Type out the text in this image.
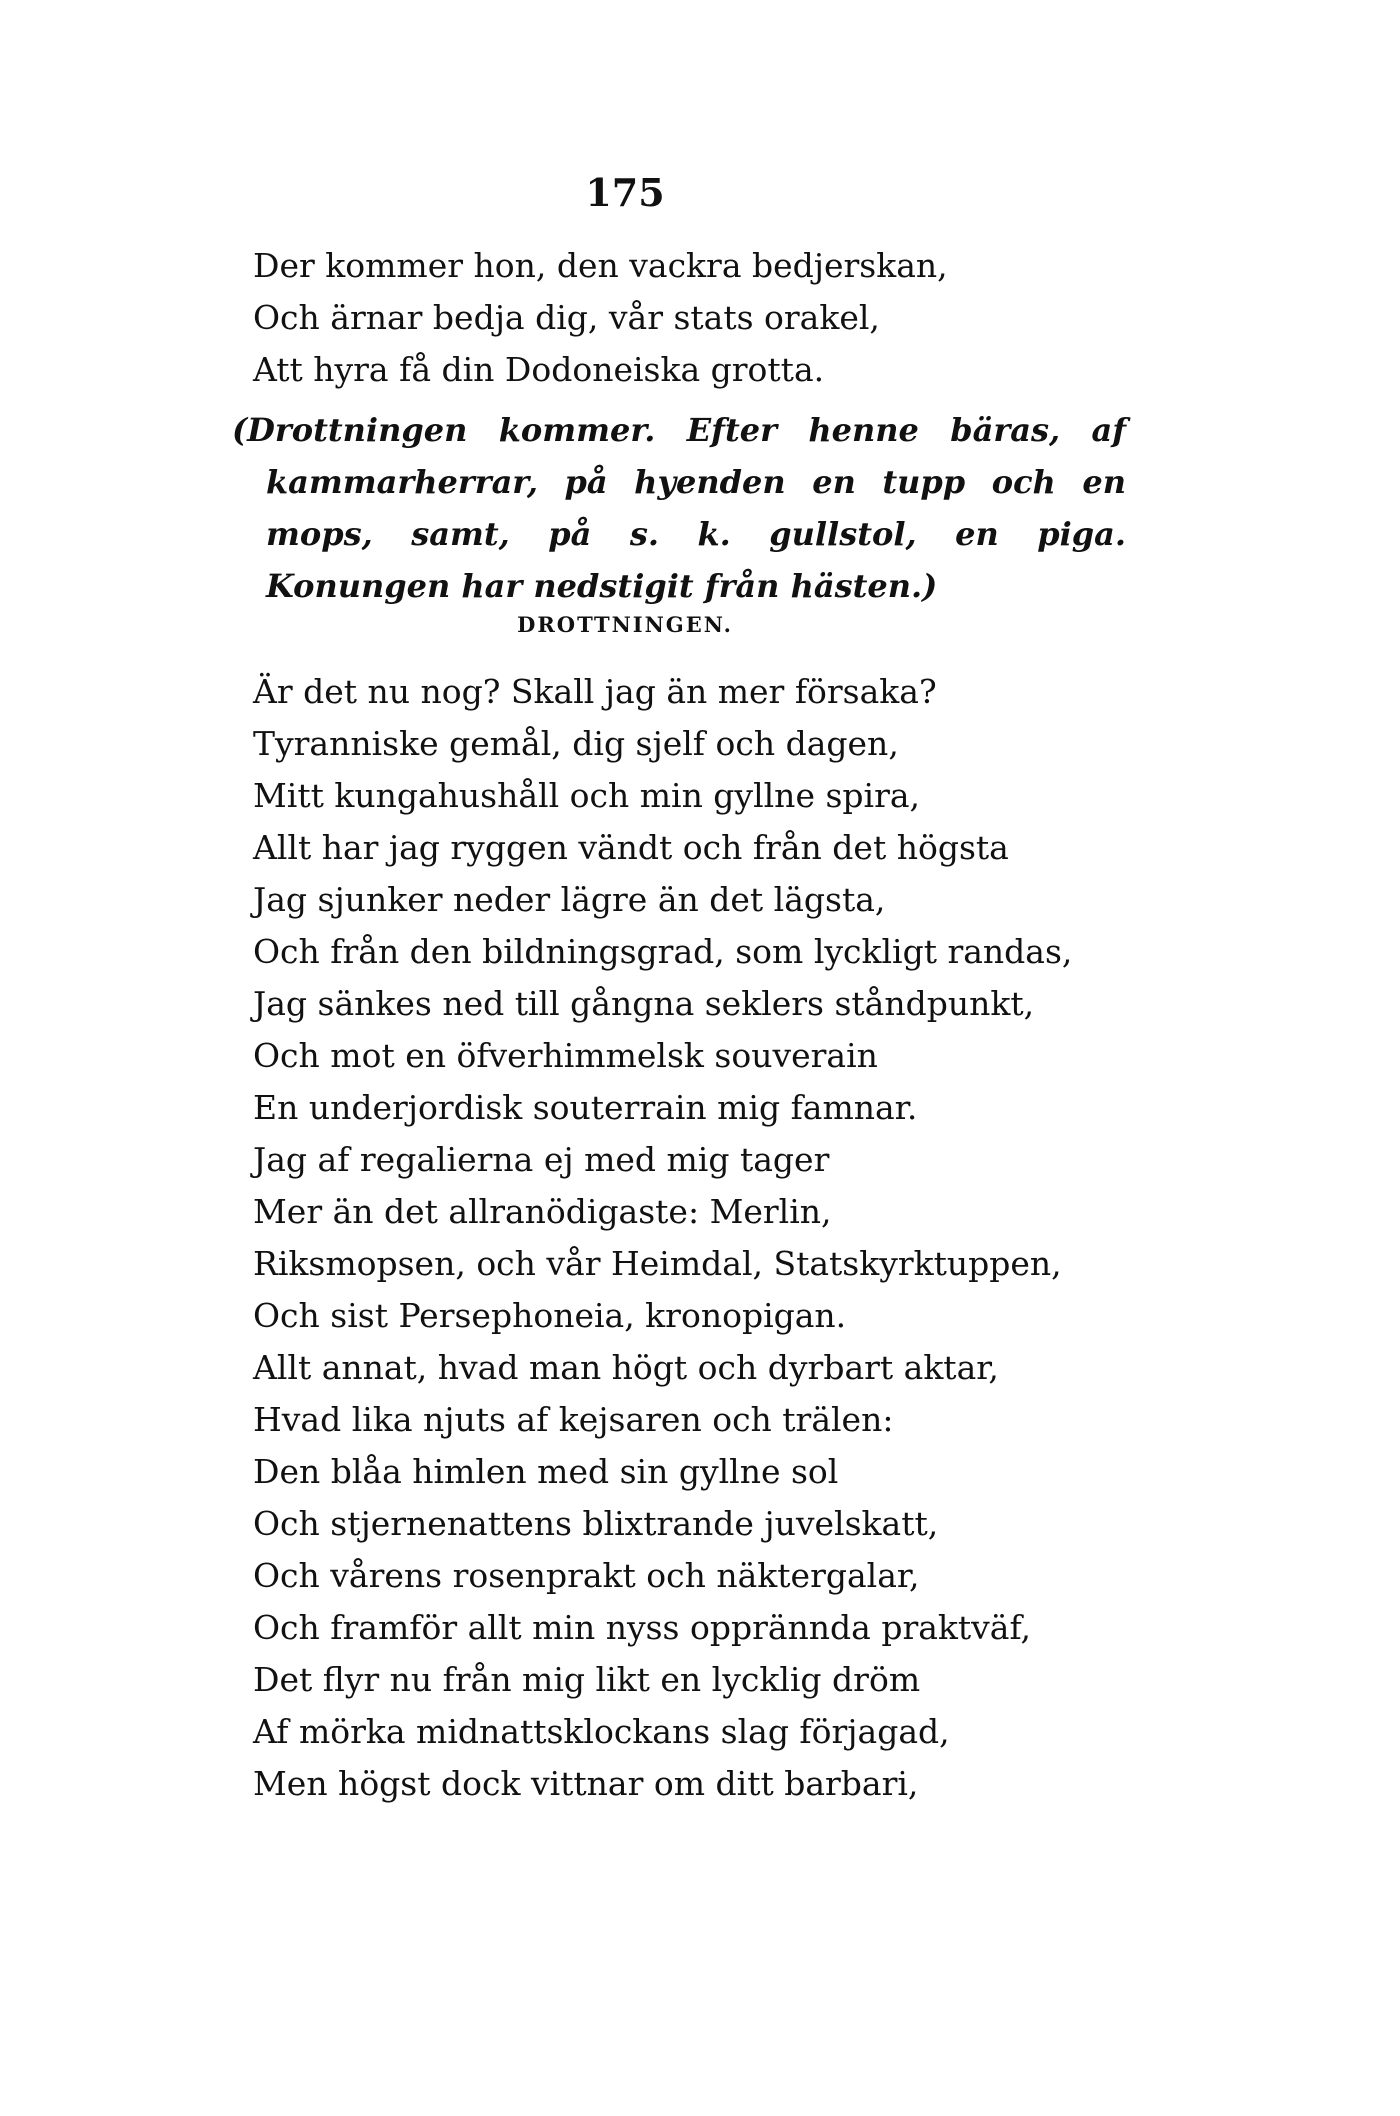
175
Der kommer hon, den vackra bedjerskan,
Och ärnar bedja dig, vår stats orakel,
Att hyra få din Dodoneiska grotta.
(Drottningen kommer. Efter henne bäras, af kammarherrar, på hyenden en tupp och en mops, samt, på s. k. gullstol, en piga. Konungen har nedstigit från hästen.)
DROTTNINGEN.
Är det nu nog? Skall jag än mer försaka?
Tyranniske gemål, dig sjelf och dagen,
Mitt kungahushåll och min gyllne spira,
Allt har jag ryggen vändt och från det högsta
Jag sjunker neder lägre än det lägsta,
Och från den bildningsgrad, som lyckligt randas,
Jag sänkes ned till gångna seklers ståndpunkt,
Och mot en öfverhimmelsk souverain
En underjordisk souterrain mig famnar.
Jag af regalierna ej med mig tager
Mer än det allranödigaste: Merlin,
Riksmopsen, och vår Heimdal, Statskyrktuppen,
Och sist Persephoneia, kronopigan.
Allt annat, hvad man högt och dyrbart aktar,
Hvad lika njuts af kejsaren och trälen:
Den blåa himlen med sin gyllne sol
Och stjernenattens blixtrande juvelskatt,
Och vårens rosenprakt och näktergalar,
Och framför allt min nyss opprännda praktväf,
Det flyr nu från mig likt en lycklig dröm
Af mörka midnattsklockans slag förjagad,
Men högst dock vittnar om ditt barbari,
